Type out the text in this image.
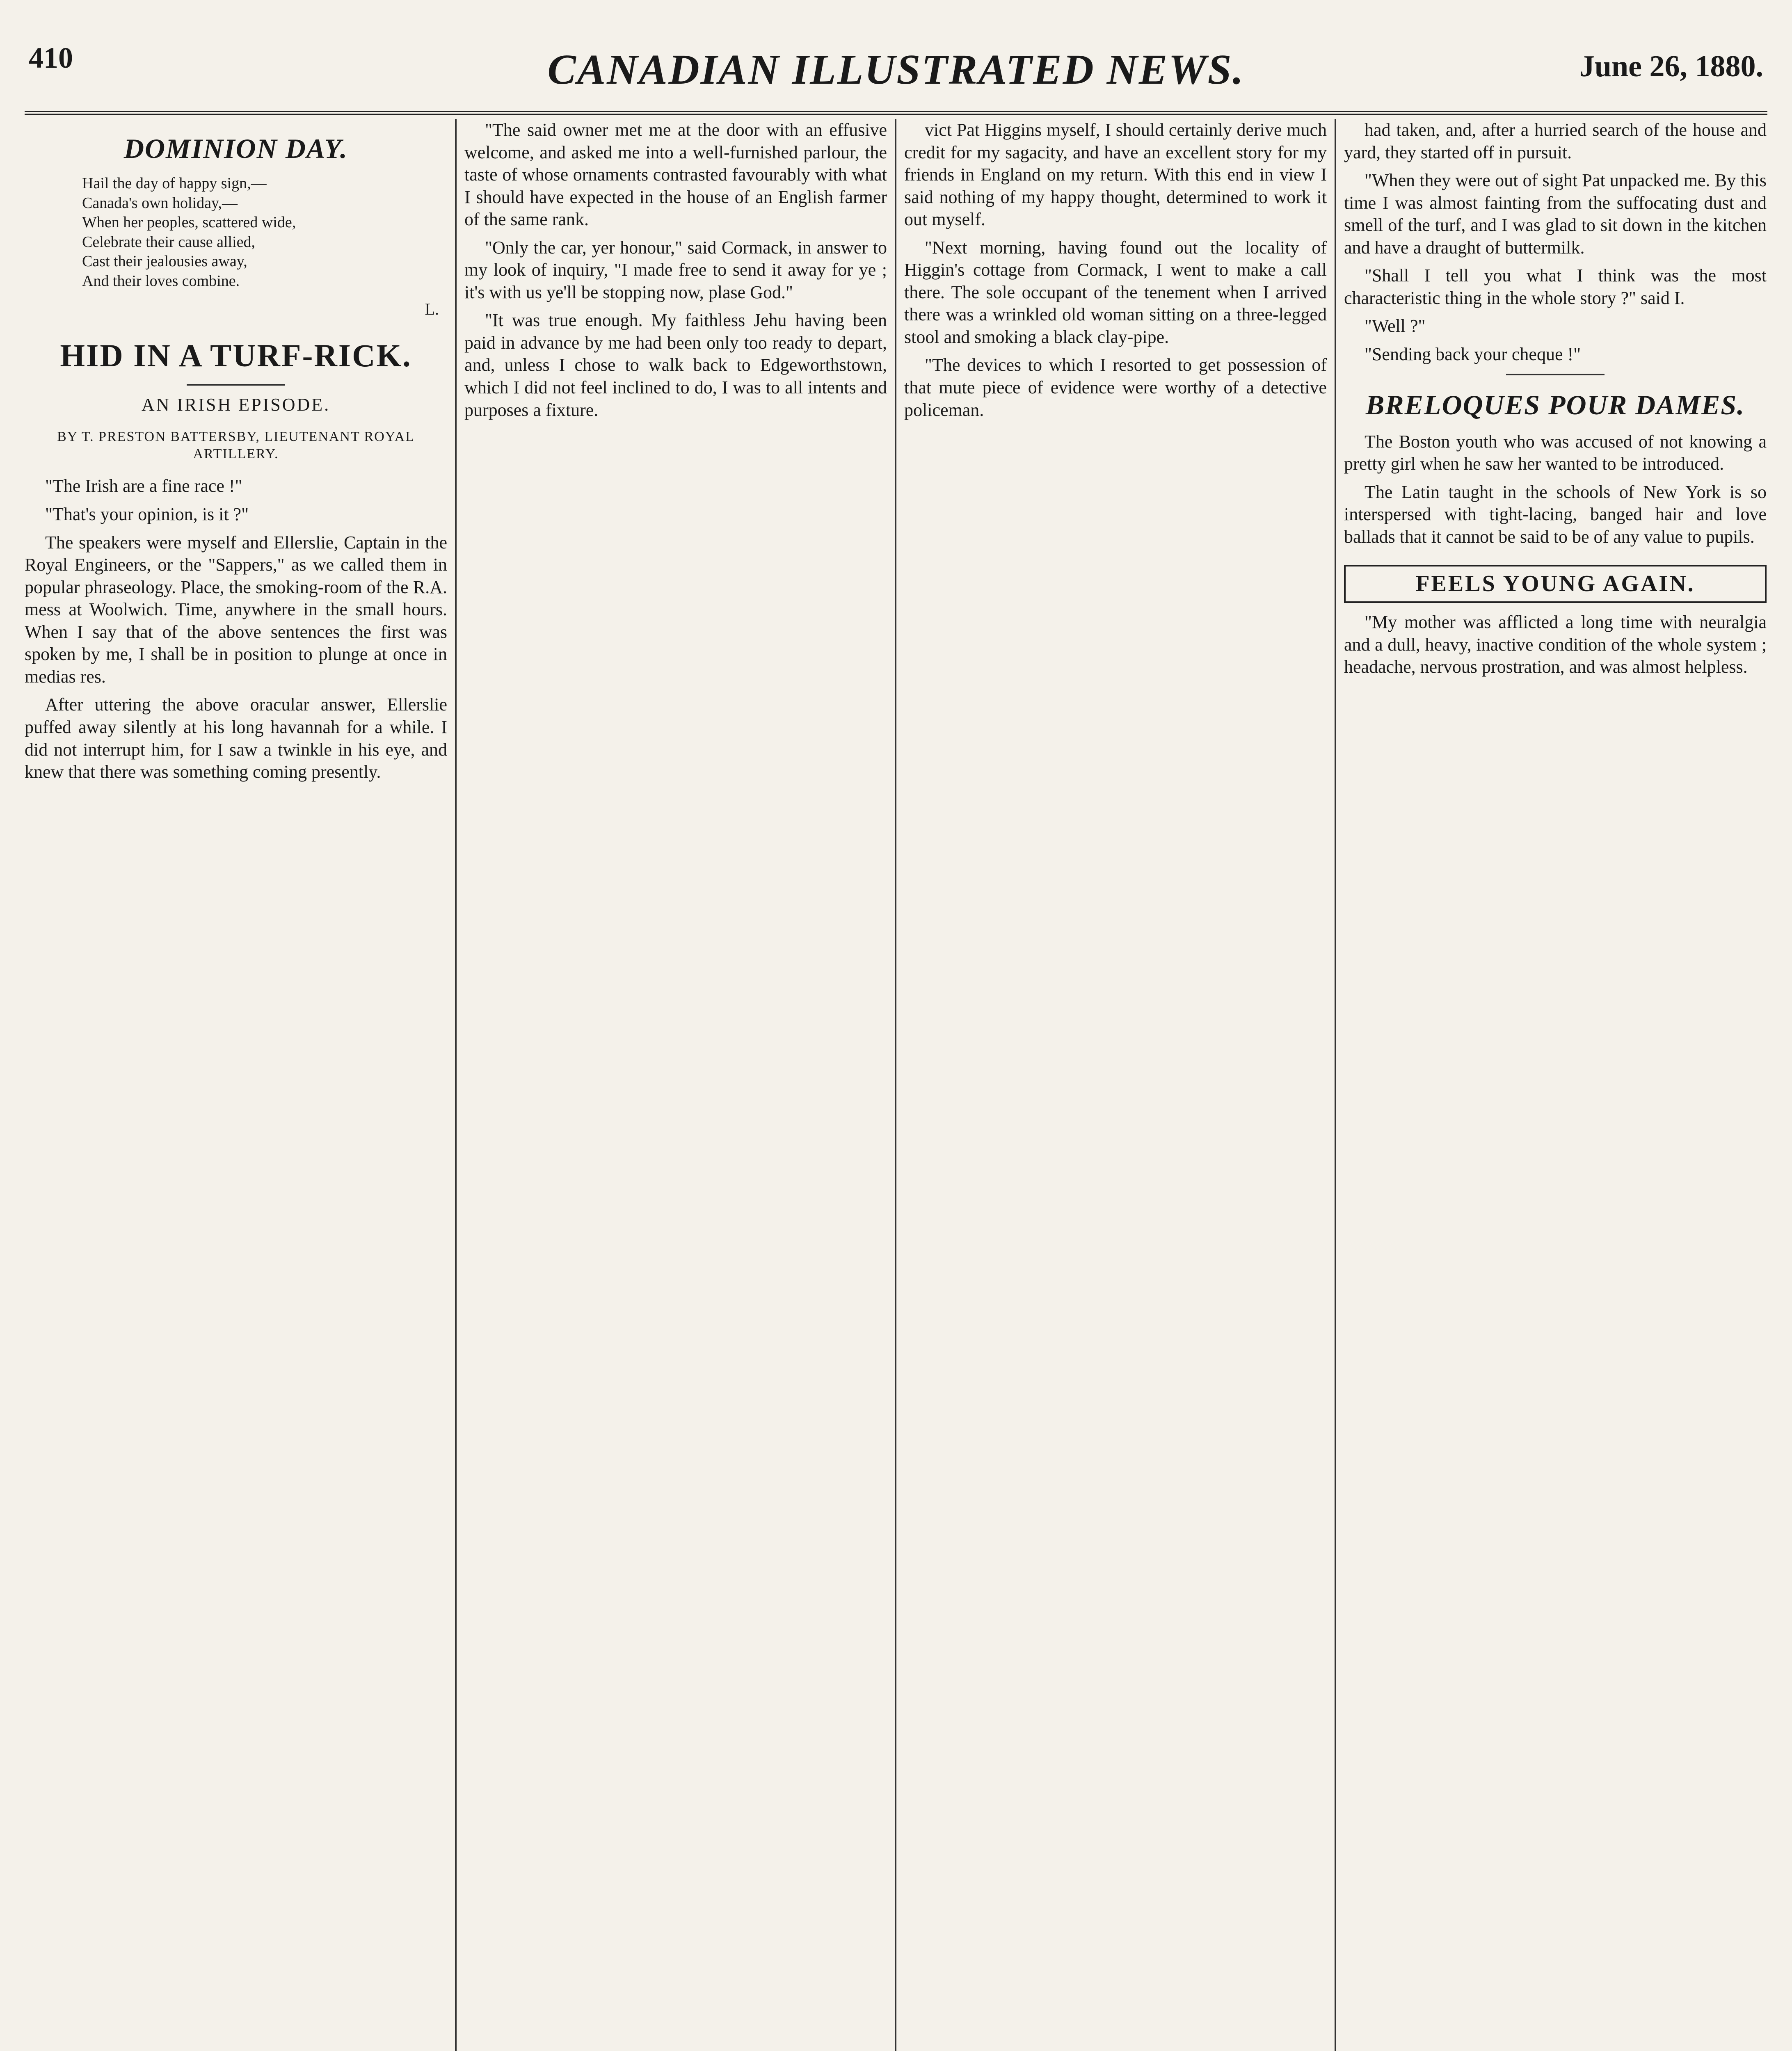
410	CANADIAN ILLUSTRATED NEWS.	June 26, 1880.
DOMINION DAY.

Hail the day of happy sign,—

Canada's own holiday,—

When her peoples, scattered wide,

Celebrate their cause allied,

Cast their jealousies away,

And their loves combine.

L.
HID IN A TURF-RICK.
AN IRISH EPISODE.
BY T. PRESTON BATTERSBY, LIEUTENANT ROYAL ARTILLERY.

"The Irish are a fine race !"

"That's your opinion, is it ?"

The speakers were myself and Ellerslie, Captain in the Royal Engineers, or the "Sappers," as we called them in popular phraseology. Place, the smoking-room of the R.A. mess at Woolwich. Time, anywhere in the small hours. When I say that of the above sentences the first was spoken by me, I shall be in position to plunge at once in medias res.

After uttering the above oracular answer, Ellerslie puffed away silently at his long havannah for a while. I did not interrupt him, for I saw a twinkle in his eye, and knew that there was something coming presently.

"The said owner met me at the door with an effusive welcome, and asked me into a well-furnished parlour, the taste of whose ornaments contrasted favourably with what I should have expected in the house of an English farmer of the same rank.

"Only the car, yer honour," said Cormack, in answer to my look of inquiry, "I made free to send it away for ye ; it's with us ye'll be stopping now, plase God."

"It was true enough. My faithless Jehu having been paid in advance by me had been only too ready to depart, and, unless I chose to walk back to Edgeworthstown, which I did not feel inclined to do, I was to all intents and purposes a fixture.

vict Pat Higgins myself, I should certainly derive much credit for my sagacity, and have an excellent story for my friends in England on my return. With this end in view I said nothing of my happy thought, determined to work it out myself.

"Next morning, having found out the locality of Higgin's cottage from Cormack, I went to make a call there. The sole occupant of the tenement when I arrived there was a wrinkled old woman sitting on a three-legged stool and smoking a black clay-pipe.

"The devices to which I resorted to get possession of that mute piece of evidence were worthy of a detective policeman.

had taken, and, after a hurried search of the house and yard, they started off in pursuit.

"When they were out of sight Pat unpacked me. By this time I was almost fainting from the suffocating dust and smell of the turf, and I was glad to sit down in the kitchen and have a draught of buttermilk.

"Shall I tell you what I think was the most characteristic thing in the whole story ?" said I.

"Well ?"

"Sending back your cheque !"

BRELOQUES POUR DAMES.

The Boston youth who was accused of not knowing a pretty girl when he saw her wanted to be introduced.

The Latin taught in the schools of New York is so interspersed with tight-lacing, banged hair and love ballads that it cannot be said to be of any value to pupils.

FEELS YOUNG AGAIN.

"My mother was afflicted a long time with neuralgia and a dull, heavy, inactive condition of the whole system ; headache, nervous prostration, and was almost helpless.
